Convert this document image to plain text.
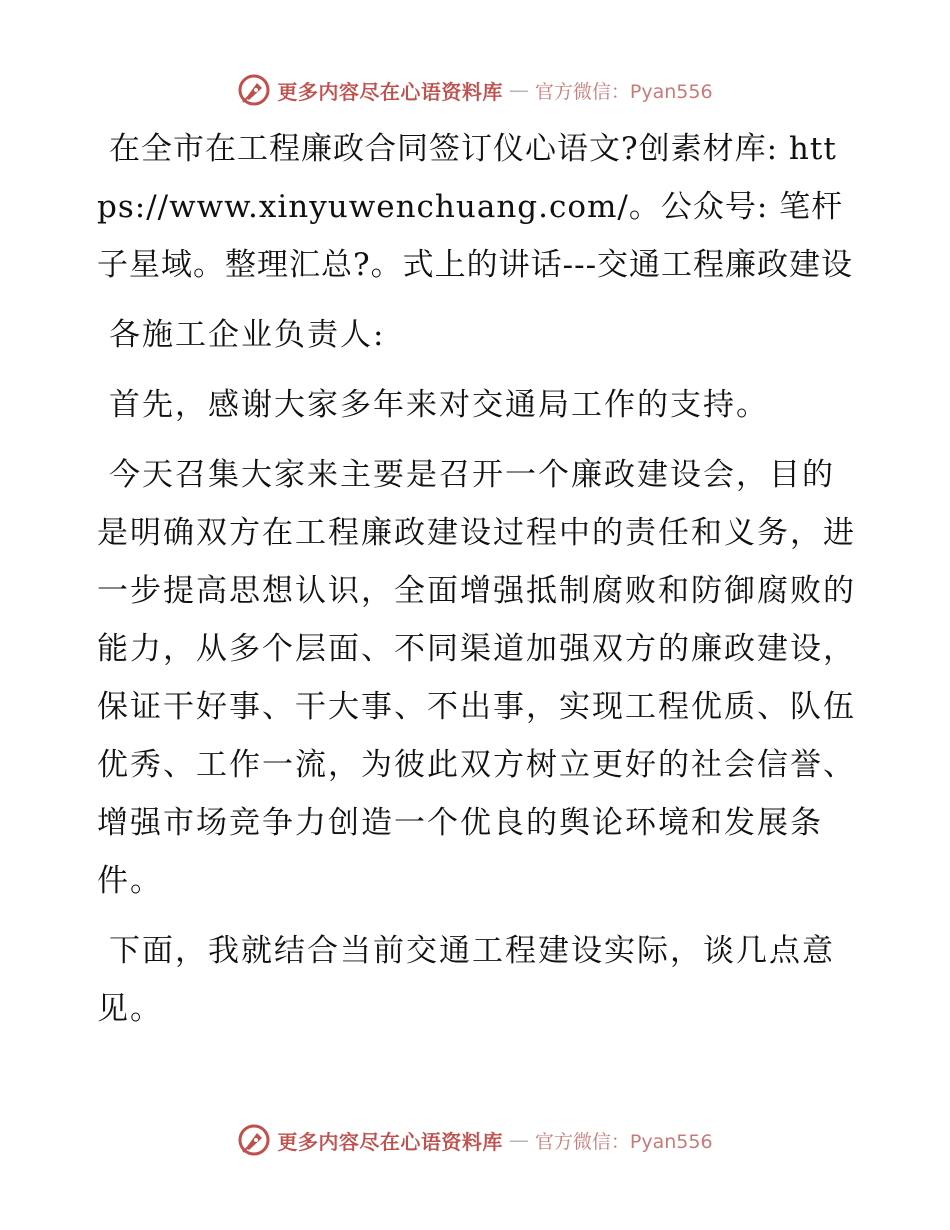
更多内容尽在心语资料库 — 官方微信：Pyan556

在全市在工程廉政合同签订仪心语文?创素材库: https://www.xinyuwenchuang.com/。公众号: 笔杆子星域。整理汇总?。式上的讲话---交通工程廉政建设

各施工企业负责人:

首先，感谢大家多年来对交通局工作的支持。

今天召集大家来主要是召开一个廉政建设会，目的是明确双方在工程廉政建设过程中的责任和义务，进一步提高思想认识，全面增强抵制腐败和防御腐败的能力，从多个层面、不同渠道加强双方的廉政建设，保证干好事、干大事、不出事，实现工程优质、队伍优秀、工作一流，为彼此双方树立更好的社会信誉、增强市场竞争力创造一个优良的舆论环境和发展条件。

下面，我就结合当前交通工程建设实际，谈几点意见。

更多内容尽在心语资料库 — 官方微信：Pyan556
